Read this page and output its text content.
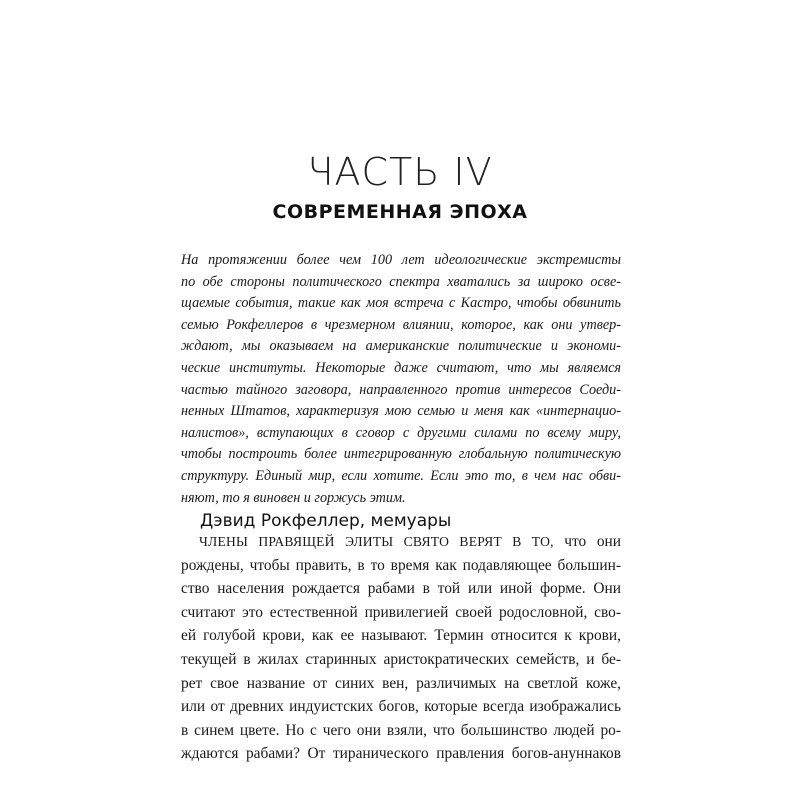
ЧАСТЬ IV
СОВРЕМЕННАЯ ЭПОХА
На протяжении более чем 100 лет идеологические экстремисты
по обе стороны политического спектра хватались за широко осве-
щаемые события, такие как моя встреча с Кастро, чтобы обвинить
семью Рокфеллеров в чрезмерном влиянии, которое, как они утвер-
ждают, мы оказываем на американские политические и экономи-
ческие институты. Некоторые даже считают, что мы являемся
частью тайного заговора, направленного против интересов Соеди-
ненных Штатов, характеризуя мою семью и меня как «интернацио-
налистов», вступающих в сговор с другими силами по всему миру,
чтобы построить более интегрированную глобальную политическую
структуру. Единый мир, если хотите. Если это то, в чем нас обви-
няют, то я виновен и горжусь этим.
Дэвид Рокфеллер, мемуары
ЧЛЕНЫ ПРАВЯЩЕЙ ЭЛИТЫ СВЯТО ВЕРЯТ В ТО, что они
рождены, чтобы править, в то время как подавляющее большин-
ство населения рождается рабами в той или иной форме. Они
считают это естественной привилегией своей родословной, сво-
ей голубой крови, как ее называют. Термин относится к крови,
текущей в жилах старинных аристократических семейств, и бе-
рет свое название от синих вен, различимых на светлой коже,
или от древних индуистских богов, которые всегда изображались
в синем цвете. Но с чего они взяли, что большинство людей ро-
ждаются рабами? От тиранического правления богов-ануннаков
